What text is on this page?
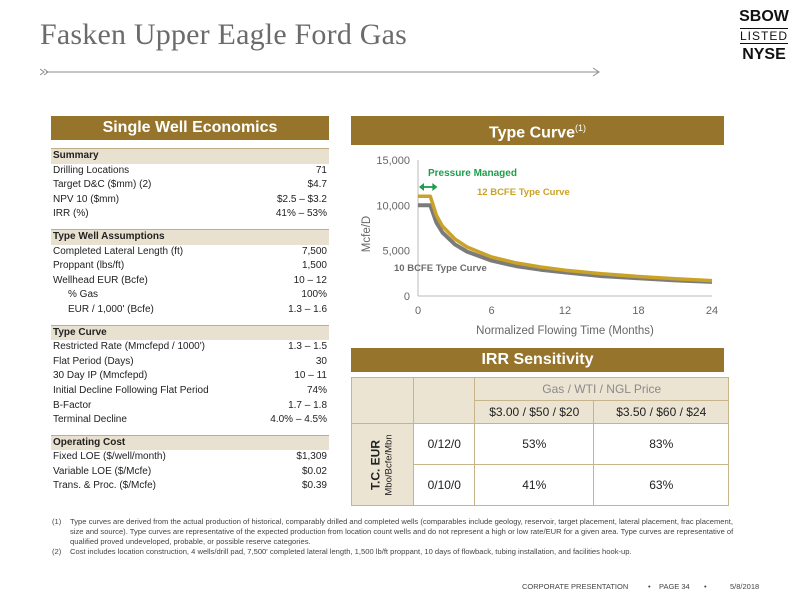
Fasken Upper Eagle Ford Gas
SBOW
LISTED
NYSE
Single Well Economics
Summary
Drilling Locations	71
Target D&C ($mm) (2)	$4.7
NPV 10 ($mm)	$2.5 – $3.2
IRR (%)	41% – 53%
Type Well Assumptions
Completed Lateral Length (ft)	7,500
Proppant (lbs/ft)	1,500
Wellhead EUR (Bcfe)	10 – 12
% Gas	100%
EUR / 1,000' (Bcfe)	1.3 – 1.6
Type Curve
Restricted Rate (Mmcfepd / 1000')	1.3 – 1.5
Flat Period (Days)	30
30 Day IP (Mmcfepd)	10 – 11
Initial Decline Following Flat Period	74%
B-Factor	1.7 – 1.8
Terminal Decline	4.0% – 4.5%
Operating Cost
Fixed LOE ($/well/month)	$1,309
Variable LOE ($/Mcfe)	$0.02
Trans. & Proc. ($/Mcfe)	$0.39
Type Curve$^{(1)}$
0
5,000
10,000
15,000
0	6	12	18	24
Normalized Flowing Time (Months)
Mcfe/D
Pressure Managed
12 BCFE Type Curve
10 BCFE Type Curve
IRR Sensitivity
		Gas / WTI / NGL Price	
		$3.00 / $50 / $20	$3.50 / $60 / $24

T.C. EUR Mbo/Bcfe/Mbn	0/12/0	53%	83%
	0/10/0	41%	63%
(1)	Type curves are derived from the actual production of historical, comparably drilled and completed wells (comparables include geology, reservoir, target placement, lateral placement, frac placement, size and source). Type curves are representative of the expected production from location count wells and do not represent a high or low rate/EUR for a given area. Type curves are representative of qualified proved undeveloped, probable, or possible reserve categories.
(2)	Cost includes location construction, 4 wells/drill pad, 7,500' completed lateral length, 1,500 lb/ft proppant, 10 days of flowback, tubing installation, and facilities hook-up.
CORPORATE PRESENTATION	• PAGE 34 •	5/8/2018
